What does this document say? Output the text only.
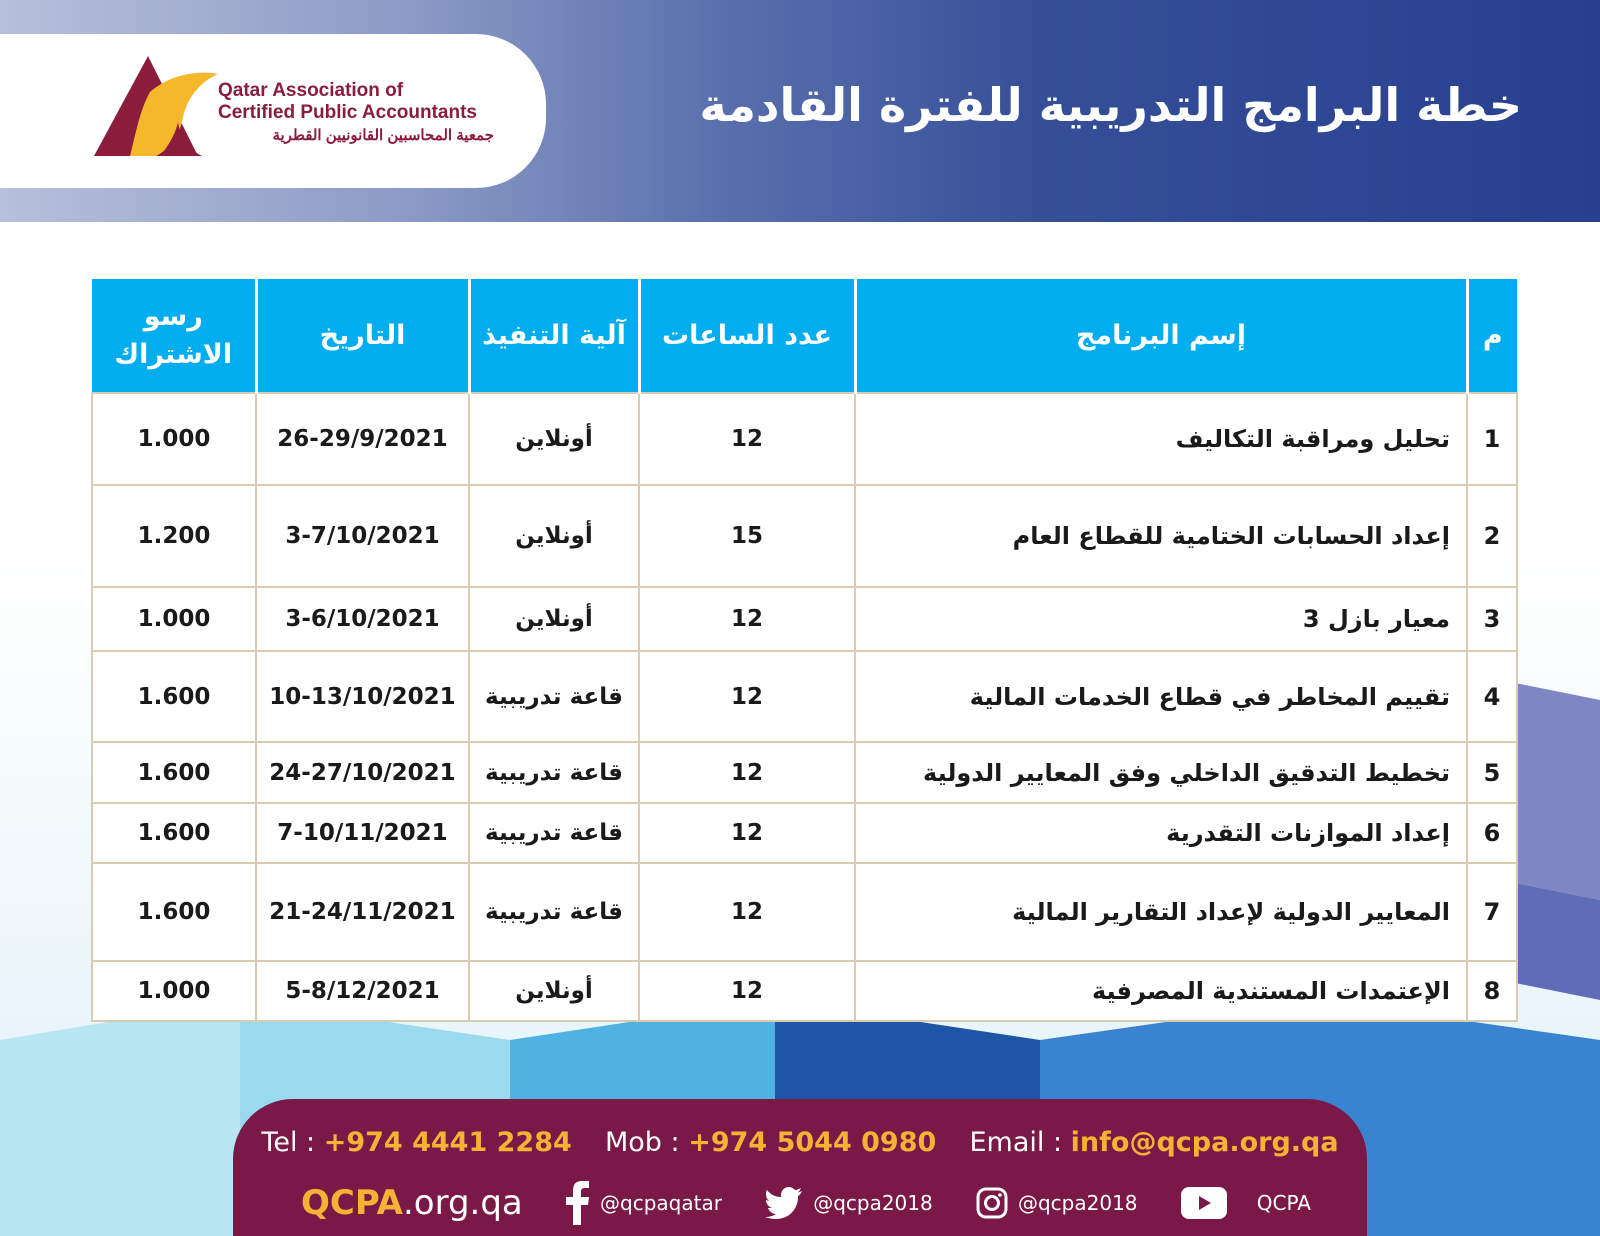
Qatar Association of
Certified Public Accountants
جمعية المحاسبين القانونيين القطرية
خطة البرامج التدريبية للفترة القادمة
م	إسم البرنامج	عدد الساعات	آلية التنفيذ	التاريخ	رسو الاشتراك
1	تحليل ومراقبة التكاليف	12	أونلاين	26-29/9/2021	1.000
2	إعداد الحسابات الختامية للقطاع العام	15	أونلاين	3-7/10/2021	1.200
3	معيار بازل 3	12	أونلاين	3-6/10/2021	1.000
4	تقييم المخاطر في قطاع الخدمات المالية	12	قاعة تدريبية	10-13/10/2021	1.600
5	تخطيط التدقيق الداخلي وفق المعايير الدولية	12	قاعة تدريبية	24-27/10/2021	1.600
6	إعداد الموازنات التقدرية	12	قاعة تدريبية	7-10/11/2021	1.600
7	المعايير الدولية لإعداد التقارير المالية	12	قاعة تدريبية	21-24/11/2021	1.600
8	الإعتمدات المستندية المصرفية	12	أونلاين	5-8/12/2021	1.000
Tel : +974 4441 2284 Mob : +974 5044 0980 Email : info@qcpa.org.qa
QCPA.org.qa	@qcpaqatar	@qcpa2018	@qcpa2018	QCPA
